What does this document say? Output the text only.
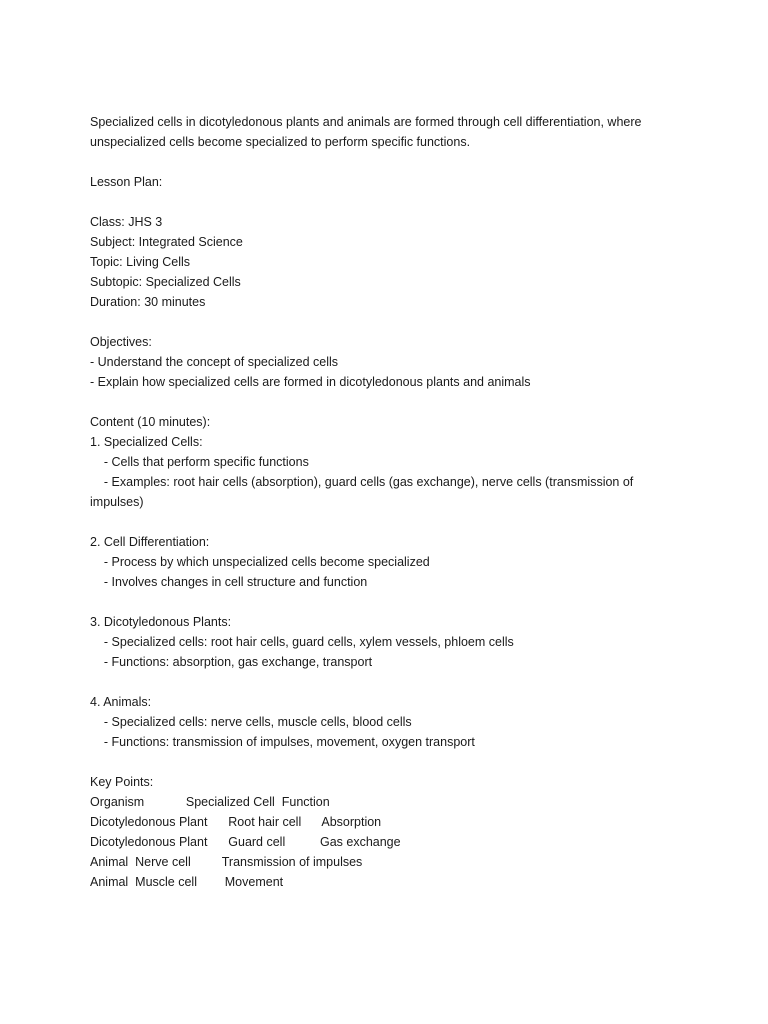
Specialized cells in dicotyledonous plants and animals are formed through cell differentiation, where
unspecialized cells become specialized to perform specific functions.
Lesson Plan:
Class: JHS 3
Subject: Integrated Science
Topic: Living Cells
Subtopic: Specialized Cells
Duration: 30 minutes
Objectives:
- Understand the concept of specialized cells
- Explain how specialized cells are formed in dicotyledonous plants and animals
Content (10 minutes):
1. Specialized Cells:
- Cells that perform specific functions
- Examples: root hair cells (absorption), guard cells (gas exchange), nerve cells (transmission of
impulses)
2. Cell Differentiation:
- Process by which unspecialized cells become specialized
- Involves changes in cell structure and function
3. Dicotyledonous Plants:
- Specialized cells: root hair cells, guard cells, xylem vessels, phloem cells
- Functions: absorption, gas exchange, transport
4. Animals:
- Specialized cells: nerve cells, muscle cells, blood cells
- Functions: transmission of impulses, movement, oxygen transport
Key Points:
Organism            Specialized Cell  Function
Dicotyledonous Plant      Root hair cell      Absorption
Dicotyledonous Plant      Guard cell          Gas exchange
Animal  Nerve cell         Transmission of impulses
Animal  Muscle cell        Movement
